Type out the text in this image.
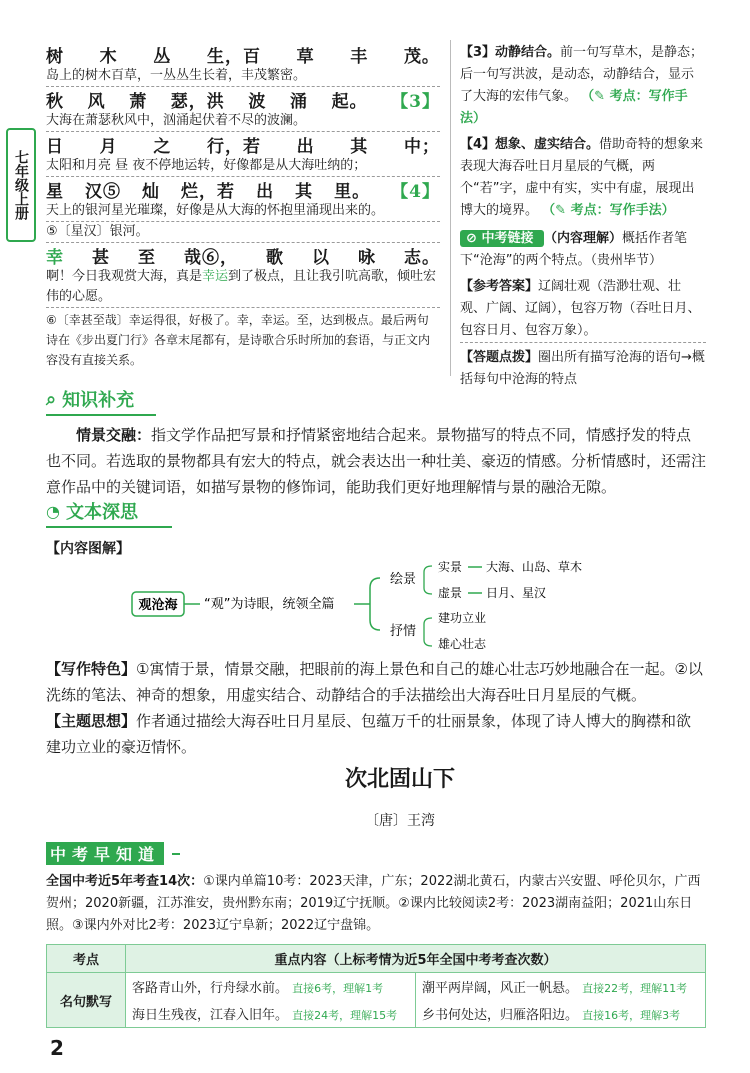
七年级上册
树 木 丛 生，百 草 丰 茂。
岛上的树木百草，一丛丛生长着，丰茂繁密。
秋 风 萧 瑟，洪 波 涌 起。 【3】
大海在萧瑟秋风中，汹涌起伏着不尽的波澜。
日 月 之 行，若 出 其 中；
太阳和月亮 昼 夜不停地运转，好像都是从大海吐纳的；
星 汉⑤ 灿 烂，若 出 其 里。 【4】
天上的银河星光璀璨，好像是从大海的怀抱里涌现出来的。
⑤〔星汉〕银河。
幸 甚 至 哉⑥， 歌 以 咏 志。
啊！今日我观赏大海，真是幸运到了极点，且让我引吭高歌，倾吐宏伟的心愿。
⑥〔幸甚至哉〕幸运得很，好极了。幸，幸运。至，达到极点。最后两句诗在《步出夏门行》各章末尾都有，是诗歌合乐时所加的套语，与正文内容没有直接关系。
【3】动静结合。前一句写草木，是静态；后一句写洪波，是动态，动静结合，显示了大海的宏伟气象。 （✎ 考点：写作手法）
【4】想象、虚实结合。借助奇特的想象来表现大海吞吐日月星辰的气概，两个“若”字，虚中有实，实中有虚，展现出博大的境界。 （✎ 考点：写作手法）
⊘ 中考链接 （内容理解）概括作者笔下“沧海”的两个特点。（贵州毕节）
【参考答案】辽阔壮观（浩渺壮观、壮观、广阔、辽阔），包容万物（吞吐日月、包容日月、包容万象）。
【答题点拨】圈出所有描写沧海的语句→概括每句中沧海的特点
⌕ 知识补充
情景交融：指文学作品把写景和抒情紧密地结合起来。景物描写的特点不同，情感抒发的特点也不同。若选取的景物都具有宏大的特点，就会表达出一种壮美、豪迈的情感。分析情感时，还需注意作品中的关键词语，如描写景物的修饰词，能助我们更好地理解情与景的融洽无隙。
◔ 文本深思
【内容图解】
观沧海 “观”为诗眼，统领全篇
绘景
抒情
实景 大海、山岛、草木
虚景 日月、星汉
建功立业
雄心壮志
【写作特色】①寓情于景，情景交融，把眼前的海上景色和自己的雄心壮志巧妙地融合在一起。②以洗练的笔法、神奇的想象，用虚实结合、动静结合的手法描绘出大海吞吐日月星辰的气概。
【主题思想】作者通过描绘大海吞吐日月星辰、包蕴万千的壮丽景象，体现了诗人博大的胸襟和欲建功立业的豪迈情怀。
次北固山下
〔唐〕王湾
中考早知道
全国中考近5年考查14次：①课内单篇10考：2023天津，广东；2022湖北黄石，内蒙古兴安盟、呼伦贝尔，广西贺州；2020新疆，江苏淮安，贵州黔东南；2019辽宁抚顺。②课内比较阅读2考：2023湖南益阳；2021山东日照。③课内外对比2考：2023辽宁阜新；2022辽宁盘锦。
考点	重点内容（上标考情为近5年全国中考考查次数）	
名句默写	客路青山外，行舟绿水前。 直接6考，理解1考	潮平两岸阔，风正一帆悬。 直接22考，理解11考
	海日生残夜，江春入旧年。 直接24考，理解15考	乡书何处达，归雁洛阳边。 直接16考，理解3考
2
